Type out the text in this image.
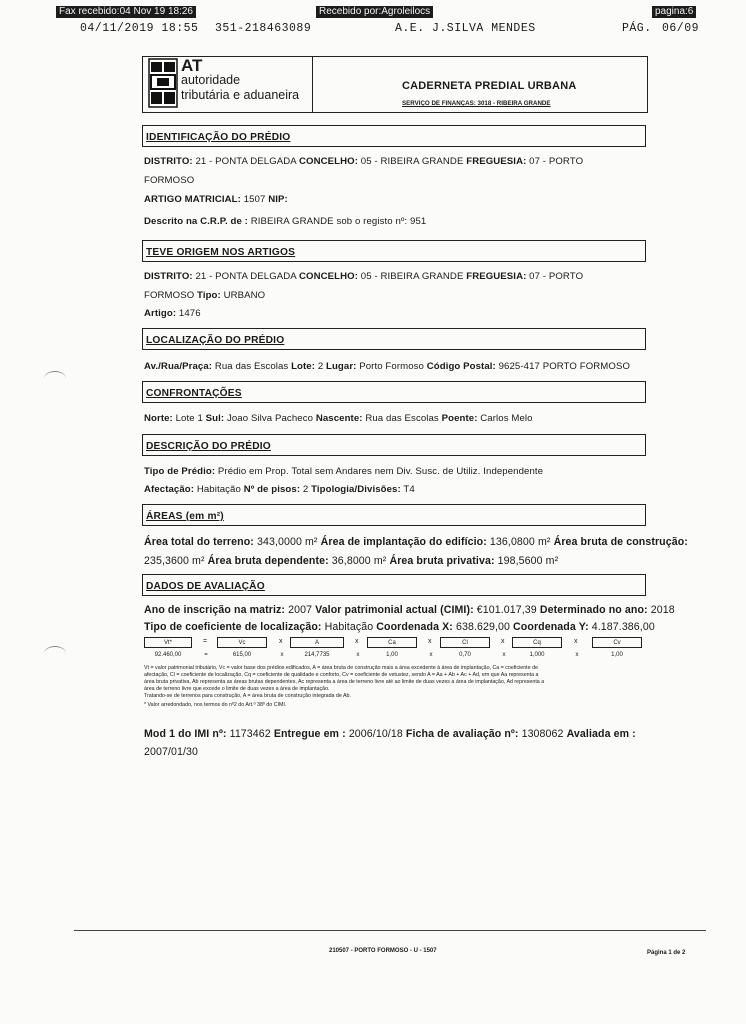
Fax recebido:04 Nov 19 18:26	Recebido por:Agroleilocs	pagina:6
04/11/2019 18:55 351-218463089	A.E. J.SILVA MENDES	PÁG. 06/09
AT
autoridade
tributária e aduaneira
CADERNETA PREDIAL URBANA
SERVIÇO DE FINANÇAS: 3018 - RIBEIRA GRANDE
IDENTIFICAÇÃO DO PRÉDIO
DISTRITO: 21 - PONTA DELGADA CONCELHO: 05 - RIBEIRA GRANDE FREGUESIA: 07 - PORTO
FORMOSO
ARTIGO MATRICIAL: 1507 NIP:
Descrito na C.R.P. de : RIBEIRA GRANDE sob o registo nº: 951
TEVE ORIGEM NOS ARTIGOS
DISTRITO: 21 - PONTA DELGADA CONCELHO: 05 - RIBEIRA GRANDE FREGUESIA: 07 - PORTO
FORMOSO Tipo: URBANO
Artigo: 1476
LOCALIZAÇÃO DO PRÉDIO
Av./Rua/Praça: Rua das Escolas Lote: 2 Lugar: Porto Formoso Código Postal: 9625-417 PORTO FORMOSO
CONFRONTAÇÕES
Norte: Lote 1 Sul: Joao Silva Pacheco Nascente: Rua das Escolas Poente: Carlos Melo
DESCRIÇÃO DO PRÉDIO
Tipo de Prédio: Prédio em Prop. Total sem Andares nem Div. Susc. de Utiliz. Independente
Afectação: Habitação Nº de pisos: 2 Tipologia/Divisões: T4
ÁREAS (em m²)
Área total do terreno: 343,0000 m² Área de implantação do edifício: 136,0800 m² Área bruta de construção:
235,3600 m² Área bruta dependente: 36,8000 m² Área bruta privativa: 198,5600 m²
DADOS DE AVALIAÇÃO
Ano de inscrição na matriz: 2007 Valor patrimonial actual (CIMI): €101.017,39 Determinado no ano: 2018
Tipo de coeficiente de localização: Habitação Coordenada X: 638.629,00 Coordenada Y: 4.187.386,00
Vt*	=	Vc	x	A	x	Ca	x	Cl	x	Cq	x	Cv
92.460,00	=	615,00	x	214,7735	x	1,00	x	0,70	x	1,000	x	1,00
Vt = valor patrimonial tributário, Vc = valor base dos prédios edificados, A = área bruta de construção mais a área excedente à área de implantação, Ca = coeficiente de
afectação, Cl = coeficiente de localização, Cq = coeficiente de qualidade e conforto, Cv = coeficiente de vetustez, sendo A = Aa + Ab + Ac + Ad, em que Aa representa a
área bruta privativa, Ab representa as áreas brutas dependentes, Ac representa a área de terreno livre até ao limite de duas vezes a área de implantação, Ad representa a
área de terreno livre que excede o limite de duas vezes a área de implantação.
Tratando-se de terrenos para construção, A = área bruta de construção integrada de Ab.
* Valor arredondado, nos termos do nº2 do Art.º 38º do CIMI.
Mod 1 do IMI nº: 1173462 Entregue em : 2006/10/18 Ficha de avaliação nº: 1308062 Avaliada em :
2007/01/30
210507 - PORTO FORMOSO - U - 1507	Página 1 de 2
